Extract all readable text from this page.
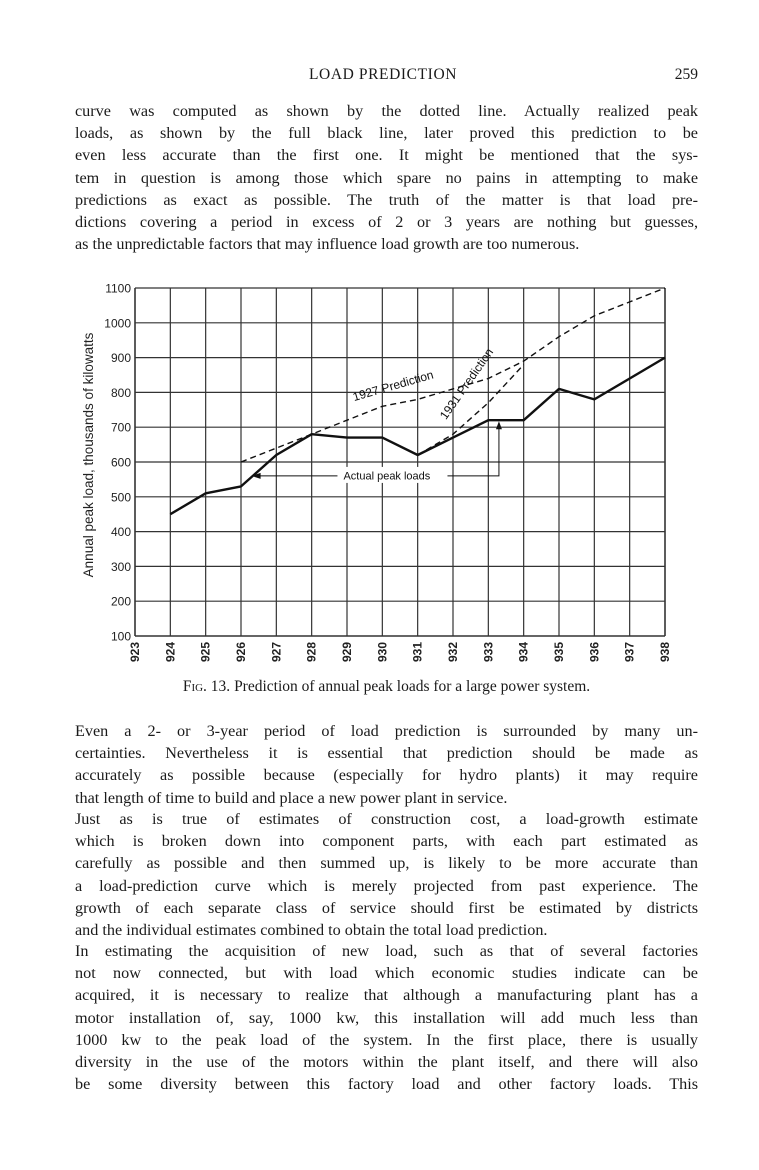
LOAD PREDICTION	259
curve was computed as shown by the dotted line. Actually realized peak
loads, as shown by the full black line, later proved this prediction to be
even less accurate than the first one. It might be mentioned that the sys-
tem in question is among those which spare no pains in attempting to make
predictions as exact as possible. The truth of the matter is that load pre-
dictions covering a period in excess of 2 or 3 years are nothing but guesses,
as the unpredictable factors that may influence load growth are too numerous.
1100
1000
900
800
700
600
500
400
300
200
100
923 924 925 926 927 928 929 930 931 932 933 934 935 936 937 938
1927 Prediction 1931 Prediction
Actual peak loads
Annual peak load, thousands of kilowatts
Fig. 13. Prediction of annual peak loads for a large power system.
Even a 2- or 3-year period of load prediction is surrounded by many un-
certainties. Nevertheless it is essential that prediction should be made as
accurately as possible because (especially for hydro plants) it may require
that length of time to build and place a new power plant in service.
Just as is true of estimates of construction cost, a load-growth estimate
which is broken down into component parts, with each part estimated as
carefully as possible and then summed up, is likely to be more accurate than
a load-prediction curve which is merely projected from past experience. The
growth of each separate class of service should first be estimated by districts
and the individual estimates combined to obtain the total load prediction.
In estimating the acquisition of new load, such as that of several factories
not now connected, but with load which economic studies indicate can be
acquired, it is necessary to realize that although a manufacturing plant has a
motor installation of, say, 1000 kw, this installation will add much less than
1000 kw to the peak load of the system. In the first place, there is usually
diversity in the use of the motors within the plant itself, and there will also
be some diversity between this factory load and other factory loads. This
